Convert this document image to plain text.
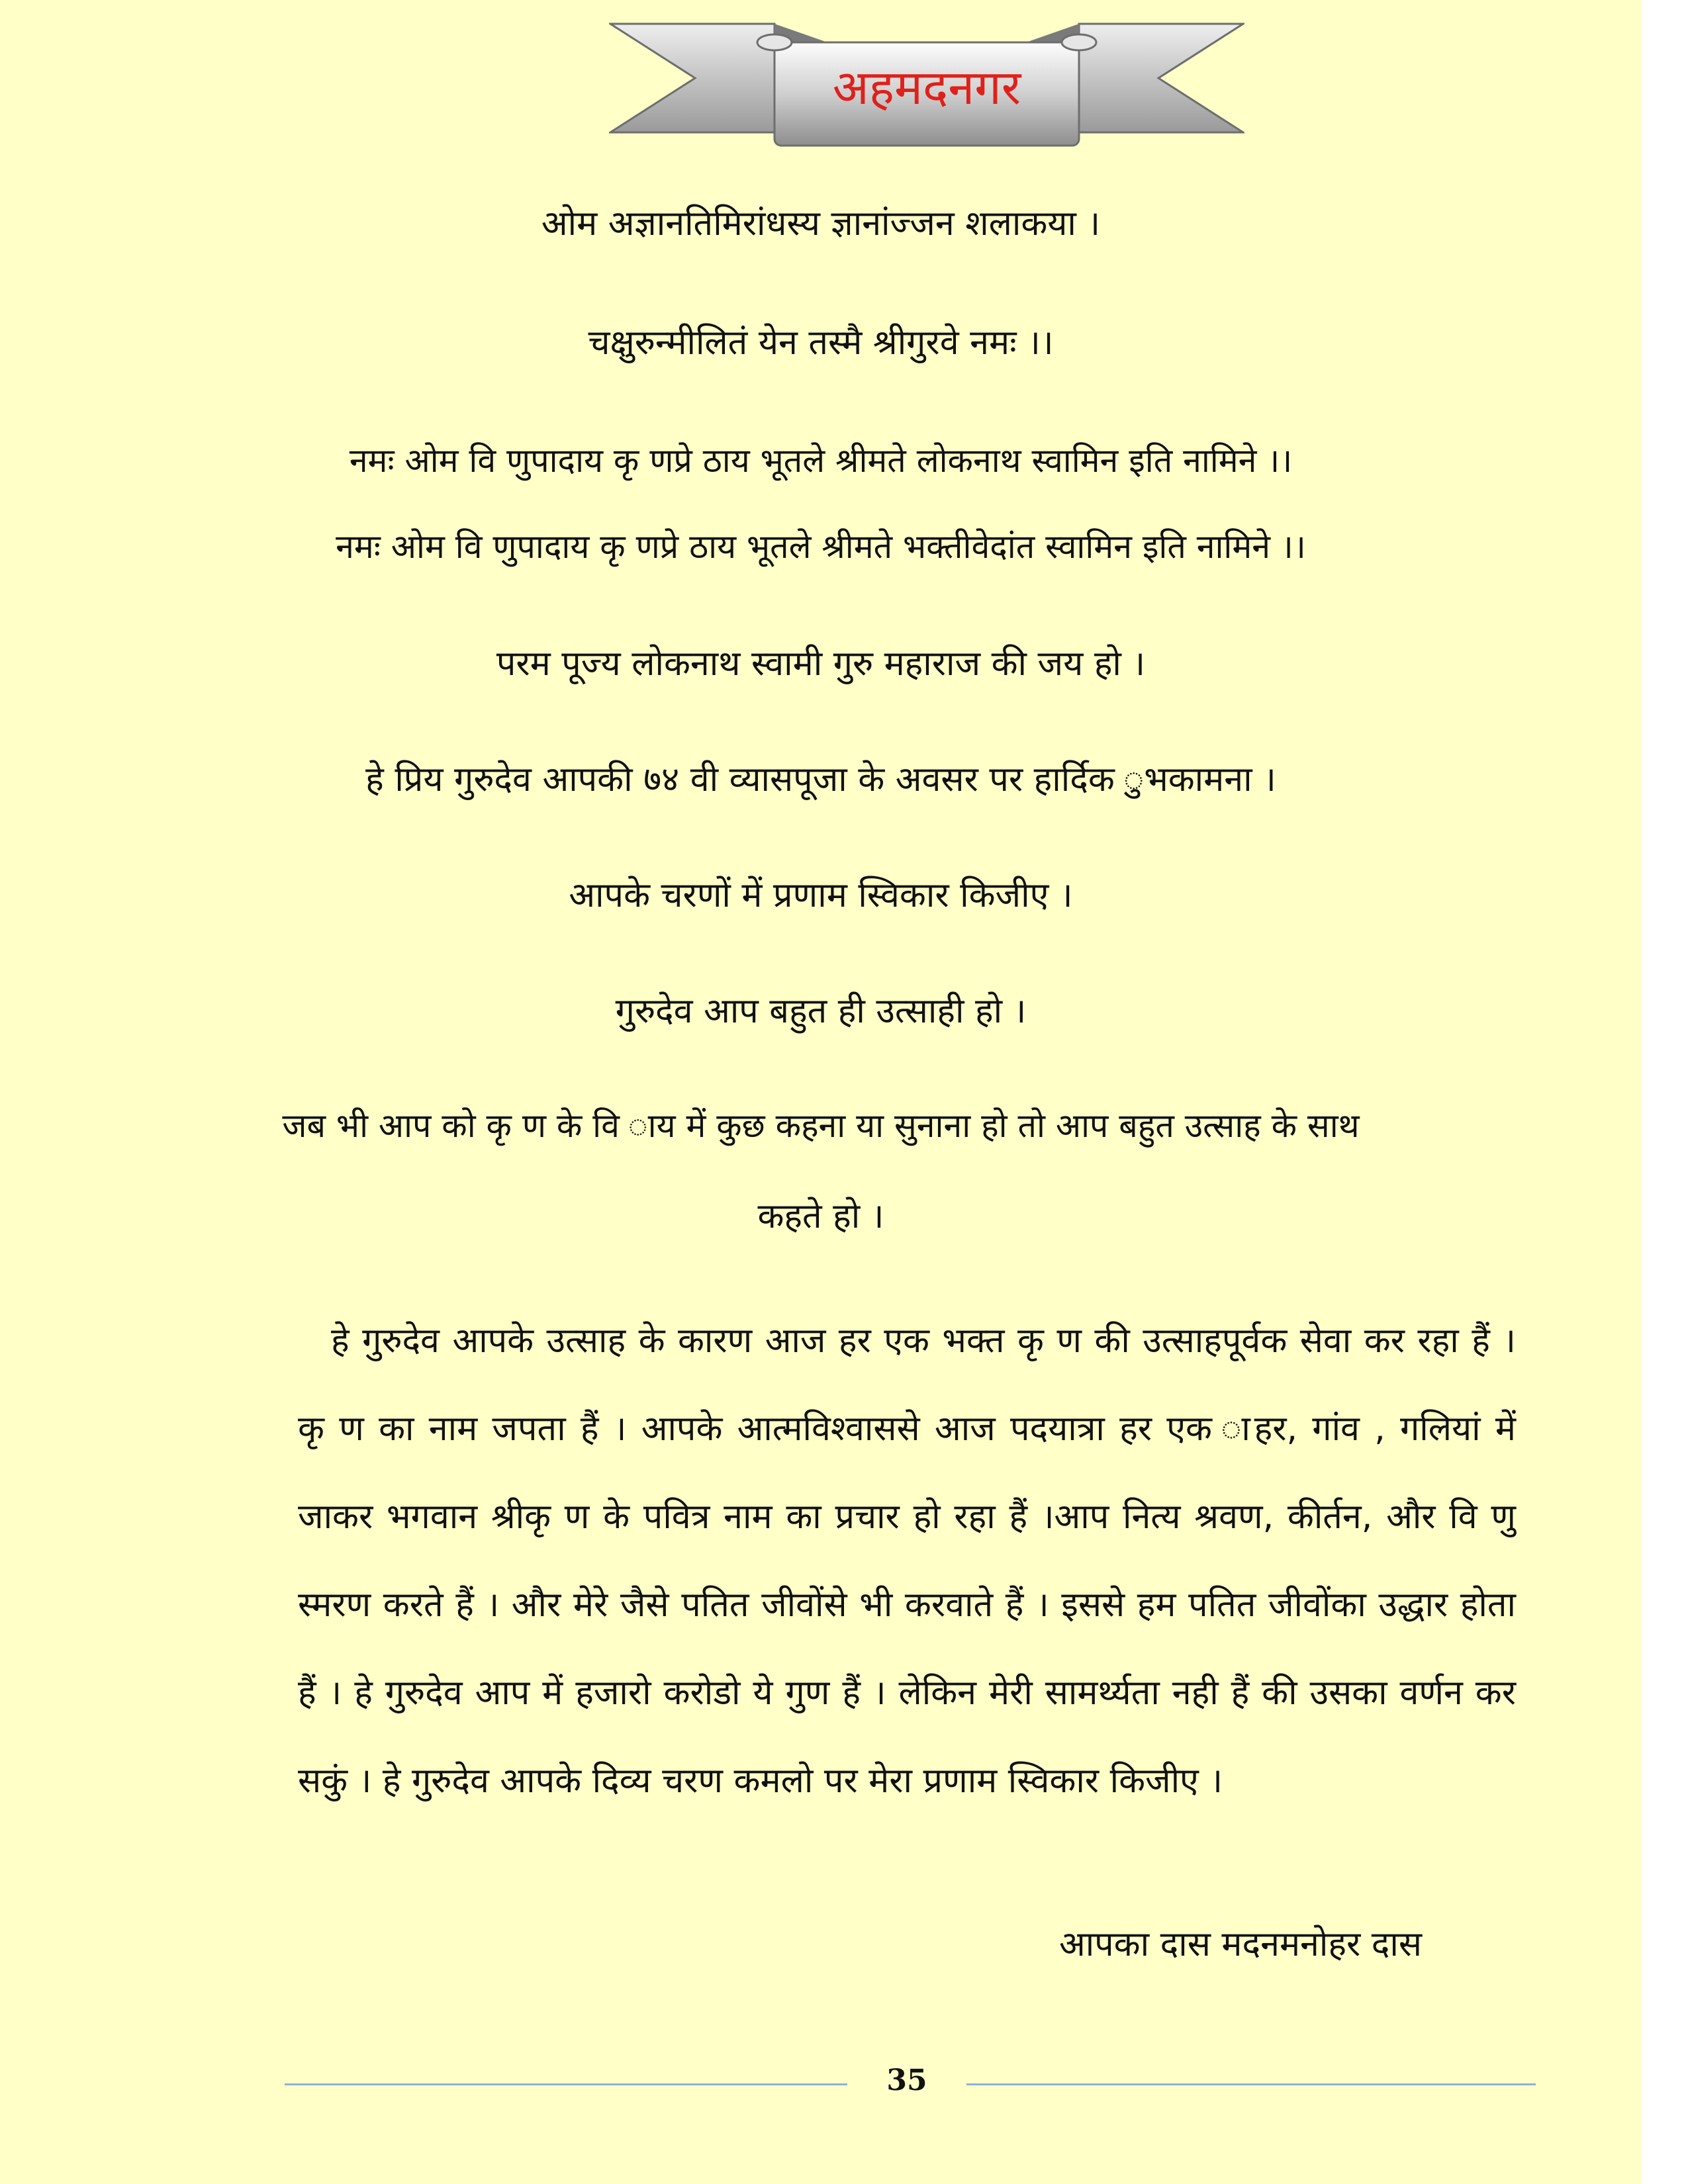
अहमदनगर
ओम अज्ञानतिमिरांधस्य ज्ञानांज्जन शलाकया ।
चक्षुरुन्मीलितं येन तस्मै श्रीगुरवे नमः ।।
नमः ओम वि णुपादाय कृ णप्रे ठाय भूतले श्रीमते लोकनाथ स्वामिन इति नामिने ।।
नमः ओम वि णुपादाय कृ णप्रे ठाय भूतले श्रीमते भक्तीवेदांत स्वामिन इति नामिने ।।
परम पूज्य लोकनाथ स्वामी गुरु महाराज की जय हो ।
हे प्रिय गुरुदेव आपकी ७४ वी व्यासपूजा के अवसर पर हार्दिक ुभकामना ।
आपके चरणों में प्रणाम स्विकार किजीए ।
गुरुदेव आप बहुत ही उत्साही हो ।
जब भी आप को कृ ण के वि ाय में कुछ कहना या सुनाना हो तो आप बहुत उत्साह के साथ
कहते हो ।
हे गुरुदेव आपके उत्साह के कारण आज हर एक भक्त कृ ण की उत्साहपूर्वक सेवा कर रहा हैं । कृ ण का नाम जपता हैं । आपके आत्मविश्वाससे आज पदयात्रा हर एक ाहर, गांव , गलियां में जाकर भगवान श्रीकृ ण के पवित्र नाम का प्रचार हो रहा हैं ।आप नित्य श्रवण, कीर्तन, और वि णु स्मरण करते हैं । और मेरे जैसे पतित जीवोंसे भी करवाते हैं । इससे हम पतित जीवोंका उद्धार होता हैं । हे गुरुदेव आप में हजारो करोडो ये गुण हैं । लेकिन मेरी सामर्थ्यता नही हैं की उसका वर्णन कर सकुं । हे गुरुदेव आपके दिव्य चरण कमलो पर मेरा प्रणाम स्विकार किजीए ।
आपका दास मदनमनोहर दास
35
